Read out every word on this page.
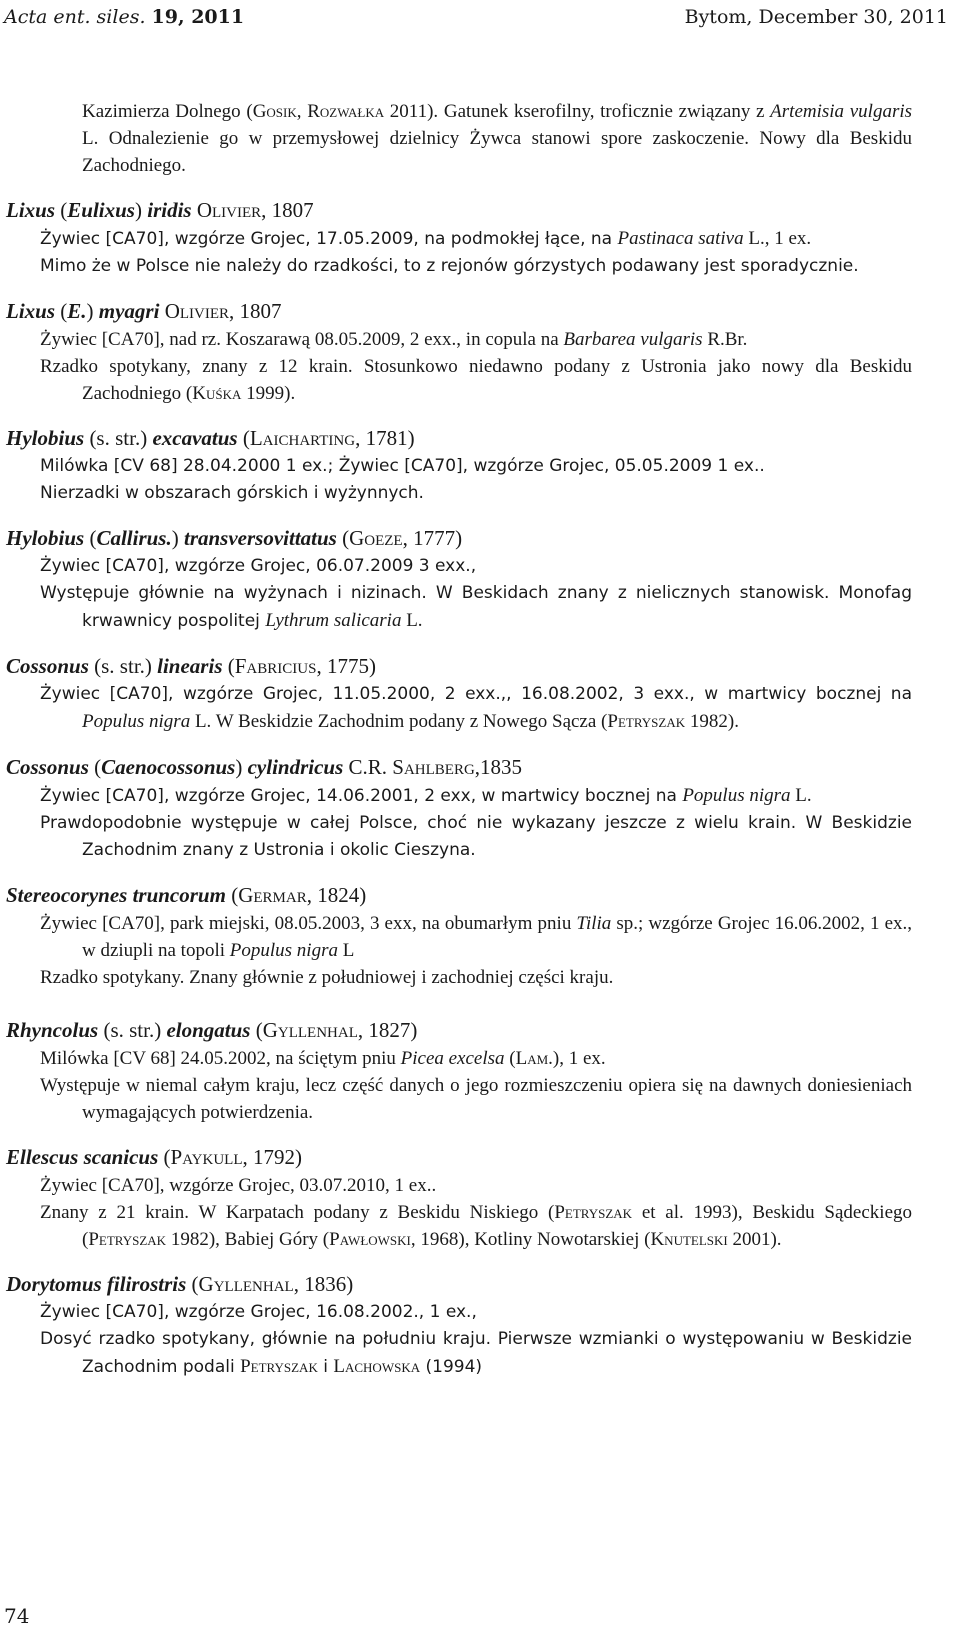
Acta ent. siles. 19, 2011	Bytom, December 30, 2011
Kazimierza Dolnego (Gosik, Rozwałka 2011). Gatunek kserofilny, troficznie związany z Artemisia vulgaris L. Odnalezienie go w przemysłowej dzielnicy Żywca stanowi spore zaskoczenie. Nowy dla Beskidu Zachodniego.
Lixus (Eulixus) iridis Olivier, 1807
Żywiec [CA70], wzgórze Grojec, 17.05.2009, na podmokłej łące, na Pastinaca sativa L., 1 ex.
Mimo że w Polsce nie należy do rzadkości, to z rejonów górzystych podawany jest sporadycznie.
Lixus (E.) myagri Olivier, 1807
Żywiec [CA70], nad rz. Koszarawą 08.05.2009, 2 exx., in copula na Barbarea vulgaris R.Br.
Rzadko spotykany, znany z 12 krain. Stosunkowo niedawno podany z Ustronia jako nowy dla Beskidu Zachodniego (Kuśka 1999).
Hylobius (s. str.) excavatus (Laicharting, 1781)
Milówka [CV 68] 28.04.2000 1 ex.; Żywiec [CA70], wzgórze Grojec, 05.05.2009 1 ex..
Nierzadki w obszarach górskich i wyżynnych.
Hylobius (Callirus.) transversovittatus (Goeze, 1777)
Żywiec [CA70], wzgórze Grojec, 06.07.2009 3 exx.,
Występuje głównie na wyżynach i nizinach. W Beskidach znany z nielicznych stanowisk. Monofag krwawnicy pospolitej Lythrum salicaria L.
Cossonus (s. str.) linearis (Fabricius, 1775)
Żywiec [CA70], wzgórze Grojec, 11.05.2000, 2 exx.,, 16.08.2002, 3 exx., w martwicy bocznej na Populus nigra L. W Beskidzie Zachodnim podany z Nowego Sącza (Petryszak 1982).
Cossonus (Caenocossonus) cylindricus C.R. Sahlberg,1835
Żywiec [CA70], wzgórze Grojec, 14.06.2001, 2 exx, w martwicy bocznej na Populus nigra L.
Prawdopodobnie występuje w całej Polsce, choć nie wykazany jeszcze z wielu krain. W Beskidzie Zachodnim znany z Ustronia i okolic Cieszyna.
Stereocorynes truncorum (Germar, 1824)
Żywiec [CA70], park miejski, 08.05.2003, 3 exx, na obumarłym pniu Tilia sp.; wzgórze Grojec 16.06.2002, 1 ex., w dziupli na topoli Populus nigra L
Rzadko spotykany. Znany głównie z południowej i zachodniej części kraju.
Rhyncolus (s. str.) elongatus (Gyllenhal, 1827)
Milówka [CV 68] 24.05.2002, na ściętym pniu Picea excelsa (Lam.), 1 ex.
Występuje w niemal całym kraju, lecz część danych o jego rozmieszczeniu opiera się na dawnych doniesieniach wymagających potwierdzenia.
Ellescus scanicus (Paykull, 1792)
Żywiec [CA70], wzgórze Grojec, 03.07.2010, 1 ex..
Znany z 21 krain. W Karpatach podany z Beskidu Niskiego (Petryszak et al. 1993), Beskidu Sądeckiego (Petryszak 1982), Babiej Góry (Pawłowski, 1968), Kotliny Nowotarskiej (Knutelski 2001).
Dorytomus filirostris (Gyllenhal, 1836)
Żywiec [CA70], wzgórze Grojec, 16.08.2002., 1 ex.,
Dosyć rzadko spotykany, głównie na południu kraju. Pierwsze wzmianki o występowaniu w Beskidzie Zachodnim podali Petryszak i Lachowska (1994)
74
